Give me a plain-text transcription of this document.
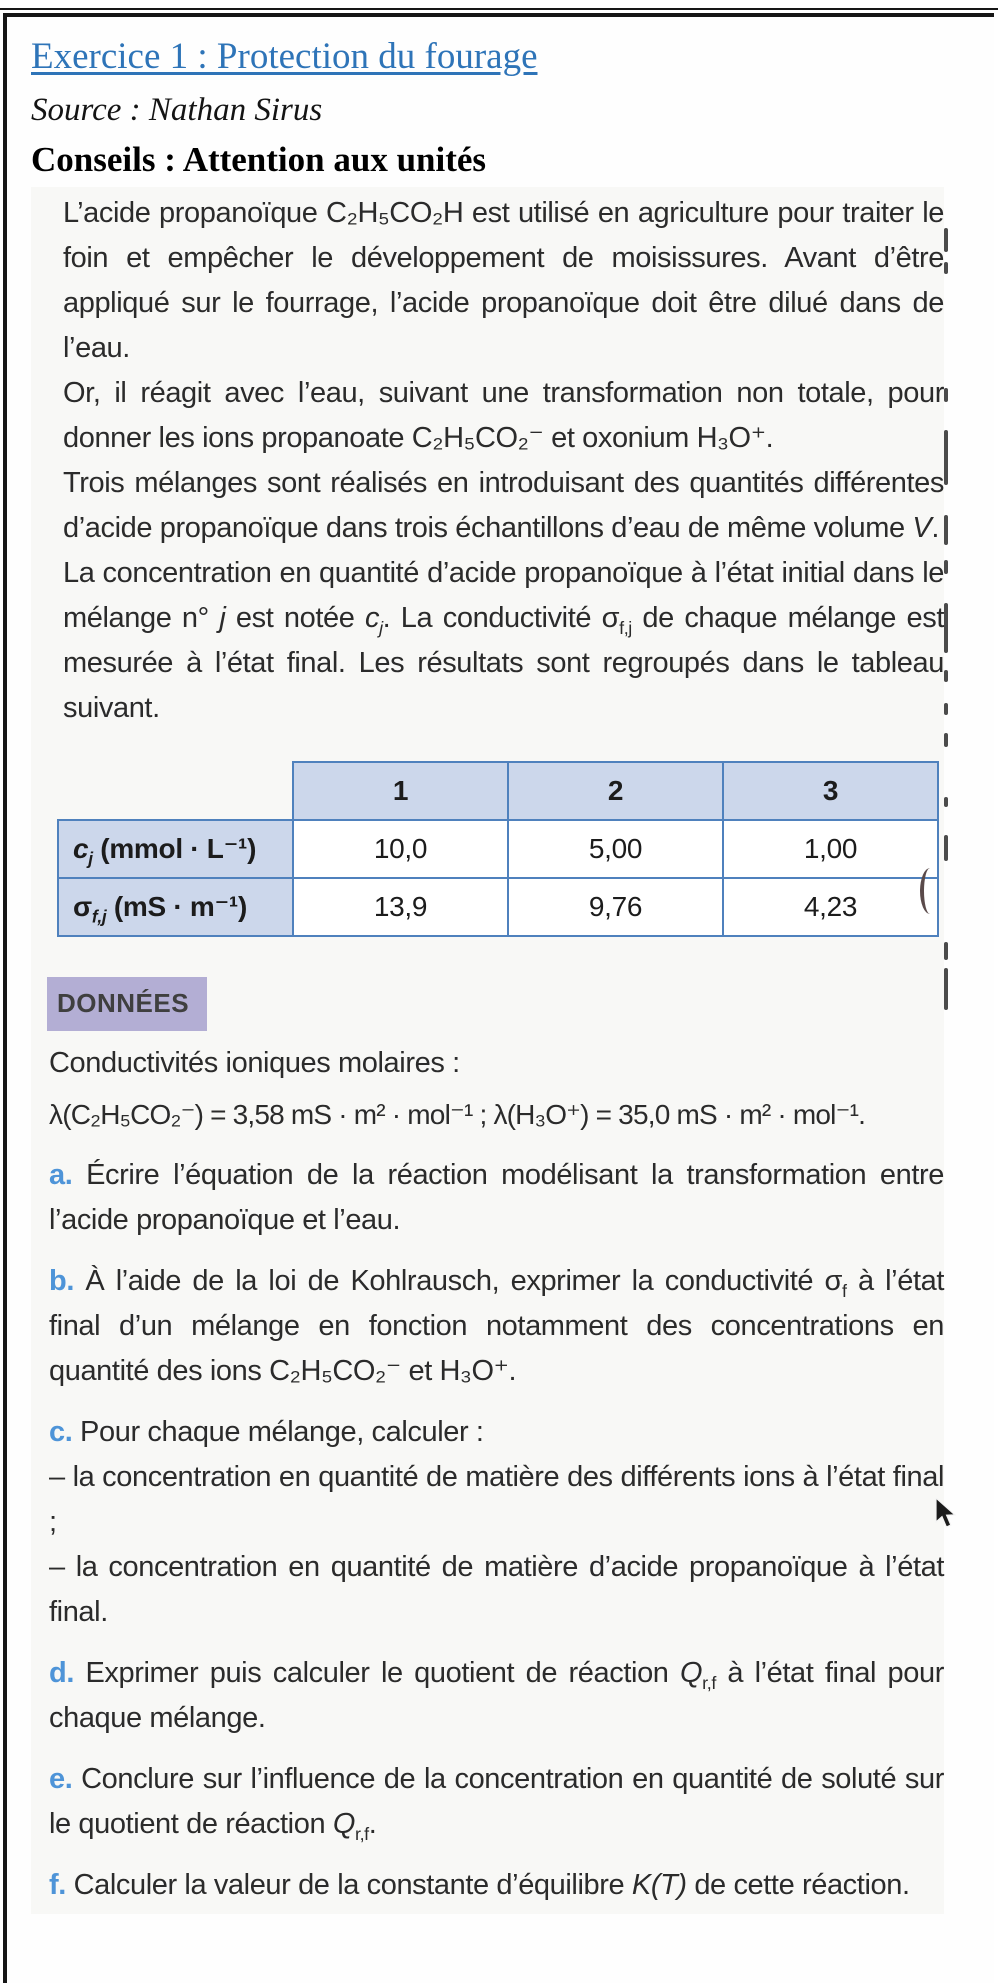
Exercice 1 : Protection du fourage

Source : Nathan Sirus

Conseils : Attention aux unités

L’acide propanoïque C₂H₅CO₂H est utilisé en agriculture pour traiter le foin et empêcher le développement de moisissures. Avant d’être appliqué sur le fourrage, l’acide propanoïque doit être dilué dans de l’eau.

Or, il réagit avec l’eau, suivant une transformation non totale, pour donner les ions propanoate C₂H₅CO₂⁻ et oxonium H₃O⁺.

Trois mélanges sont réalisés en introduisant des quantités différentes d’acide propanoïque dans trois échantillons d’eau de même volume V.

La concentration en quantité d’acide propanoïque à l’état initial dans le mélange n° j est notée $c_j$. La conductivité $\sigma_{f,j}$ de chaque mélange est mesurée à l’état final. Les résultats sont regroupés dans le tableau suivant.

	1	2	3
$c_j$ (mmol · L⁻¹)	10,0	5,00	1,00
$\sigma_{f,j}$ (mS · m⁻¹)	13,9	9,76	4,23
DONNÉES

Conductivités ioniques molaires :

λ(C₂H₅CO₂⁻) = 3,58 mS · m² · mol⁻¹ ; λ(H₃O⁺) = 35,0 mS · m² · mol⁻¹.

a. Écrire l’équation de la réaction modélisant la transformation entre l’acide propanoïque et l’eau.

b. À l’aide de la loi de Kohlrausch, exprimer la conductivité $\sigma_f$ à l’état final d’un mélange en fonction notamment des concentrations en quantité des ions C₂H₅CO₂⁻ et H₃O⁺.

c. Pour chaque mélange, calculer :

– la concentration en quantité de matière des différents ions à l’état final ;

– la concentration en quantité de matière d’acide propanoïque à l’état final.

d. Exprimer puis calculer le quotient de réaction $Q_{r,f}$ à l’état final pour chaque mélange.

e. Conclure sur l’influence de la concentration en quantité de soluté sur le quotient de réaction $Q_{r,f}$.

f. Calculer la valeur de la constante d’équilibre K(T) de cette réaction.
